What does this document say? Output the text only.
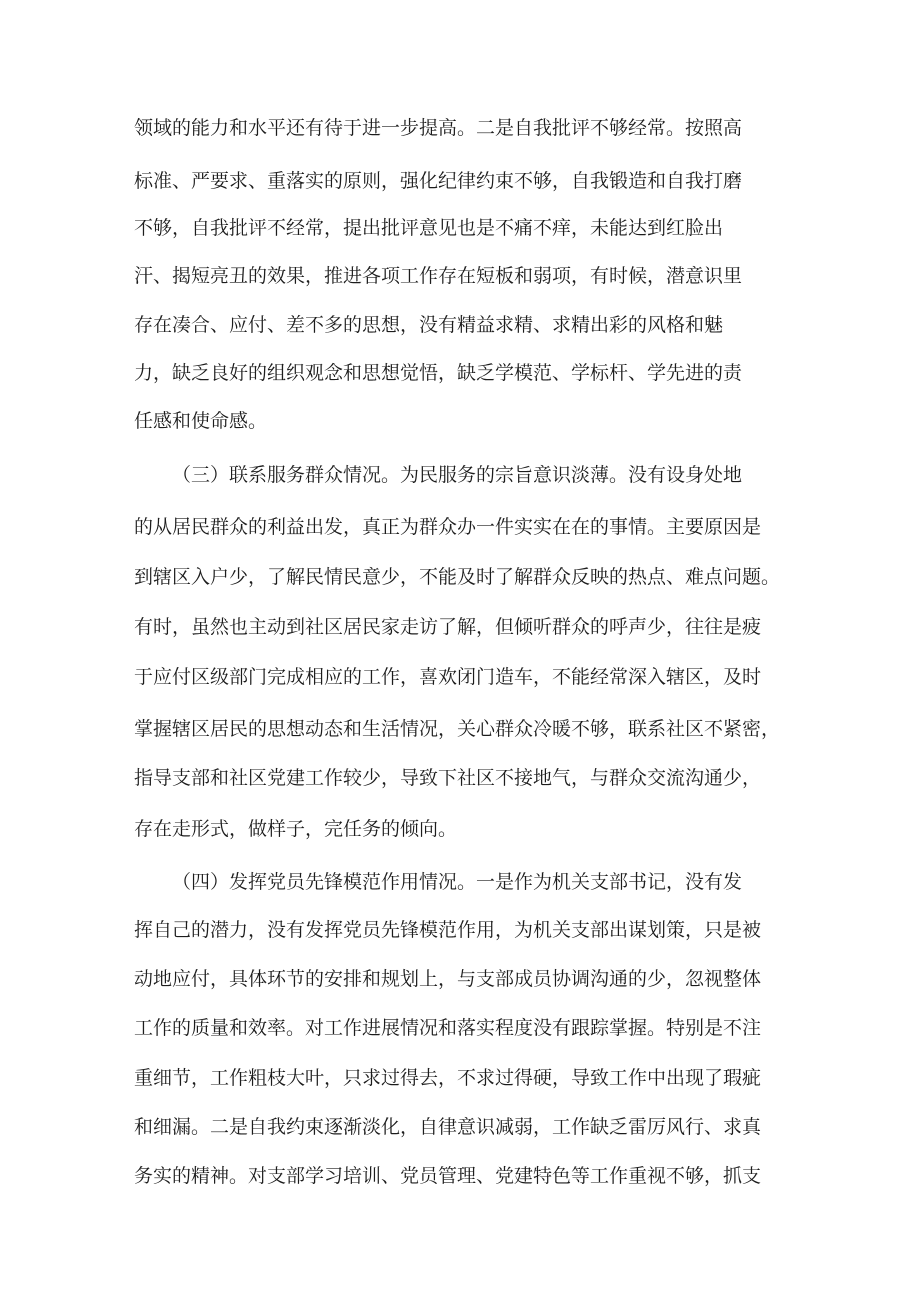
领域的能力和水平还有待于进一步提高。二是自我批评不够经常。按照高
标准、严要求、重落实的原则，强化纪律约束不够，自我锻造和自我打磨
不够，自我批评不经常，提出批评意见也是不痛不痒，未能达到红脸出
汗、揭短亮丑的效果，推进各项工作存在短板和弱项，有时候，潜意识里
存在凑合、应付、差不多的思想，没有精益求精、求精出彩的风格和魅
力，缺乏良好的组织观念和思想觉悟，缺乏学模范、学标杆、学先进的责
任感和使命感。
（三）联系服务群众情况。为民服务的宗旨意识淡薄。没有设身处地
的从居民群众的利益出发，真正为群众办一件实实在在的事情。主要原因是
到辖区入户少，了解民情民意少，不能及时了解群众反映的热点、难点问题。
有时，虽然也主动到社区居民家走访了解，但倾听群众的呼声少，往往是疲
于应付区级部门完成相应的工作，喜欢闭门造车，不能经常深入辖区，及时
掌握辖区居民的思想动态和生活情况，关心群众冷暖不够，联系社区不紧密，
指导支部和社区党建工作较少，导致下社区不接地气，与群众交流沟通少，
存在走形式，做样子，完任务的倾向。
（四）发挥党员先锋模范作用情况。一是作为机关支部书记，没有发
挥自己的潜力，没有发挥党员先锋模范作用，为机关支部出谋划策，只是被
动地应付，具体环节的安排和规划上，与支部成员协调沟通的少，忽视整体
工作的质量和效率。对工作进展情况和落实程度没有跟踪掌握。特别是不注
重细节，工作粗枝大叶，只求过得去，不求过得硬，导致工作中出现了瑕疵
和细漏。二是自我约束逐渐淡化，自律意识减弱，工作缺乏雷厉风行、求真
务实的精神。对支部学习培训、党员管理、党建特色等工作重视不够，抓支
